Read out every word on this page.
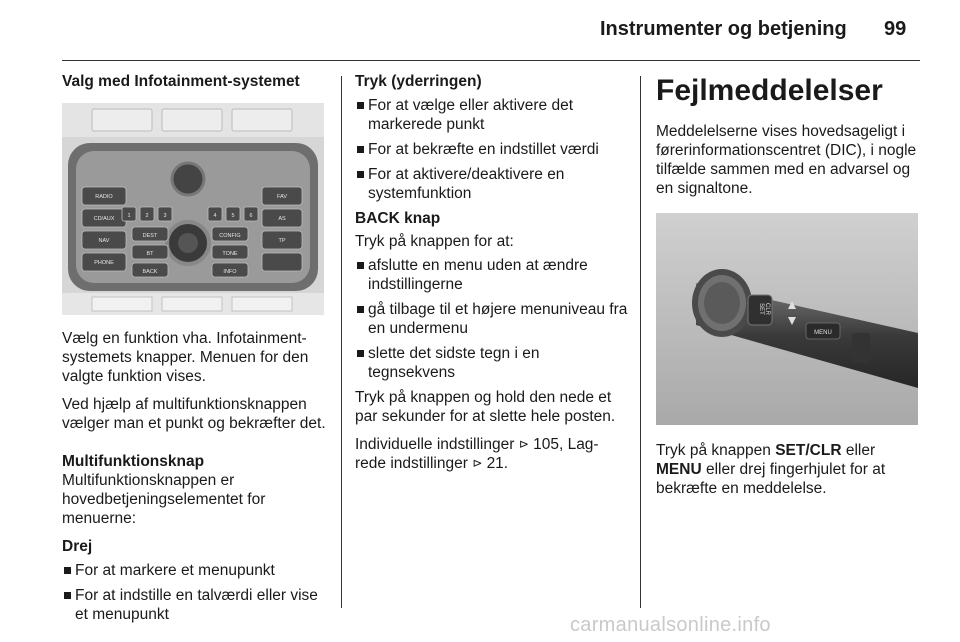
Instrumenter og betjening 99

Valg med Infotainment-systemet

RADIO
CD/AUX
NAV
PHONE
FAV
AS
TP
DEST	CONFIG
BT	TONE
BACK	INFO
1	2	3	4	5	6

Vælg en funktion vha. Infotainment-systemets knapper. Menuen for den valgte funktion vises.

Ved hjælp af multifunktionsknappen vælger man et punkt og bekræfter det.

Multifunktionsknap

Multifunktionsknappen er hovedbetjeningselementet for menuerne:

Drej

For at markere et menupunkt
For at indstille en talværdi eller vise et menupunkt

Tryk (yderringen)

For at vælge eller aktivere det markerede punkt
For at bekræfte en indstillet værdi
For at aktivere/deaktivere en systemfunktion

BACK knap

Tryk på knappen for at:

afslutte en menu uden at ændre indstillingerne
gå tilbage til et højere menuniveau fra en undermenu
slette det sidste tegn i en tegnsekvens

Tryk på knappen og hold den nede et par sekunder for at slette hele posten.

Individuelle indstillinger ⊳ 105, Lag-
rede indstillinger ⊳ 21.

Fejlmeddelelser

Meddelelserne vises hovedsageligt i førerinformationscentret (DIC), i nogle tilfælde sammen med en advarsel og en signaltone.

SET CLR
MENU

Tryk på knappen SET/CLR eller MENU eller drej fingerhjulet for at bekræfte en meddelelse.

carmanualsonline.info
